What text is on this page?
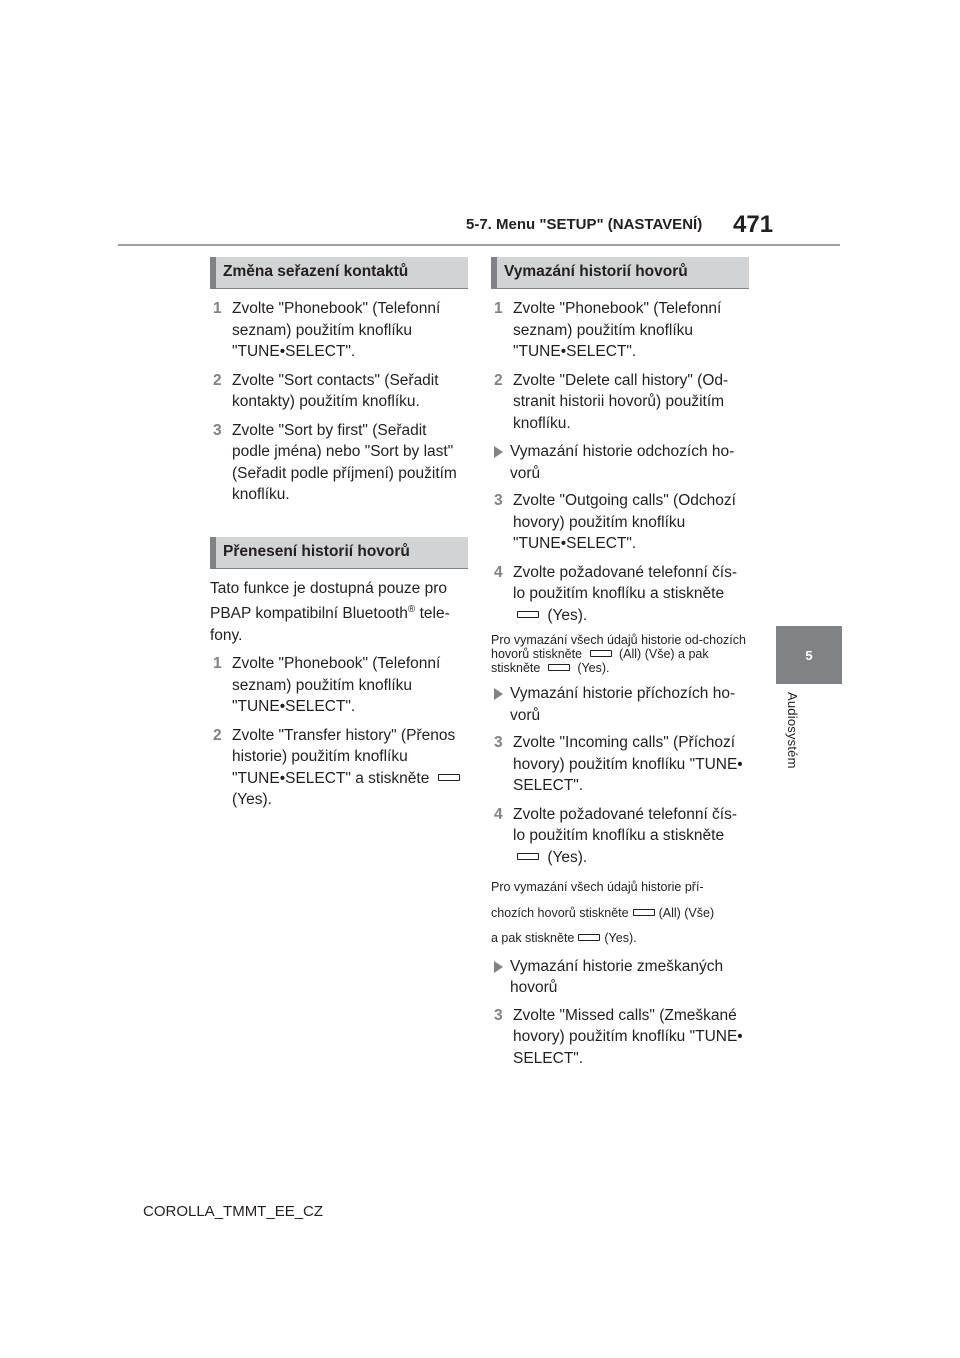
5-7. Menu "SETUP" (NASTAVENÍ) 471
5
Audiosystém
Změna seřazení kontaktů
1 Zvolte "Phonebook" (Telefonní seznam) použitím knoflíku "TUNE•SELECT".
2 Zvolte "Sort contacts" (Seřadit kontakty) použitím knoflíku.
3 Zvolte "Sort by first" (Seřadit podle jména) nebo "Sort by last" (Seřadit podle příjmení) použitím knoflíku.
Přenesení historií hovorů
Tato funkce je dostupná pouze pro PBAP kompatibilní Bluetooth® tele-fony.
1 Zvolte "Phonebook" (Telefonní seznam) použitím knoflíku "TUNE•SELECT".
2 Zvolte "Transfer history" (Přenos historie) použitím knoflíku "TUNE•SELECT" a stiskněte  (Yes).
Vymazání historií hovorů
1 Zvolte "Phonebook" (Telefonní seznam) použitím knoflíku "TUNE•SELECT".
2 Zvolte "Delete call history" (Od-stranit historii hovorů) použitím knoflíku.
Vymazání historie odchozích ho-vorů
3 Zvolte "Outgoing calls" (Odchozí hovory) použitím knoflíku "TUNE•SELECT".
4 Zvolte požadované telefonní čís-lo použitím knoflíku a stiskněte  (Yes).
Pro vymazání všech údajů historie od-chozích hovorů stiskněte	(All) (Vše) a pak stiskněte	(Yes).
Vymazání historie příchozích ho-vorů
3 Zvolte "Incoming calls" (Příchozí hovory) použitím knoflíku "TUNE• SELECT".
4 Zvolte požadované telefonní čís-lo použitím knoflíku a stiskněte  (Yes).
Pro vymazání všech údajů historie pří-
chozích hovorů stiskněte (All) (Vše)
a pak stiskněte (Yes).
Vymazání historie zmeškaných hovorů
3 Zvolte "Missed calls" (Zmeškané hovory) použitím knoflíku "TUNE• SELECT".
COROLLA_TMMT_EE_CZ
